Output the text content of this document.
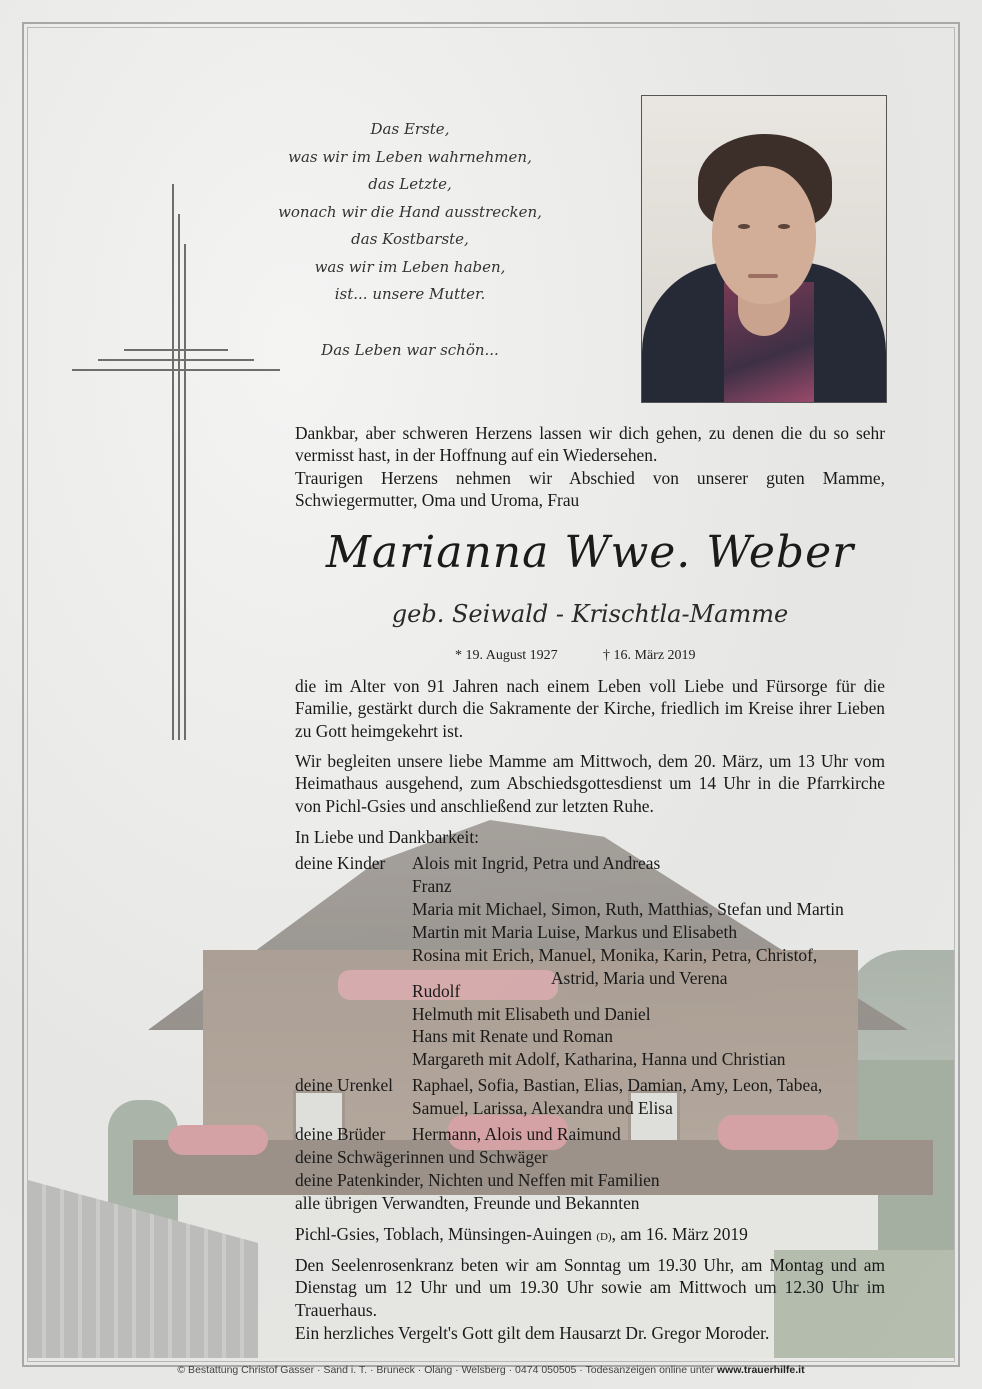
Das Erste,
was wir im Leben wahrnehmen,
das Letzte,
wonach wir die Hand ausstrecken,
das Kostbarste,
was wir im Leben haben,
ist... unsere Mutter.
Das Leben war schön...
Dankbar, aber schweren Herzens lassen wir dich gehen, zu denen die du so sehr vermisst hast, in der Hoffnung auf ein Wiedersehen.
Traurigen Herzens nehmen wir Abschied von unserer guten Mamme, Schwiegermutter, Oma und Uroma, Frau
Marianna Wwe. Weber
geb. Seiwald - Krischtla-Mamme
* 19. August 1927	† 16. März 2019
die im Alter von 91 Jahren nach einem Leben voll Liebe und Fürsorge für die Familie, gestärkt durch die Sakramente der Kirche, friedlich im Kreise ihrer Lieben zu Gott heimgekehrt ist.
Wir begleiten unsere liebe Mamme am Mittwoch, dem 20. März, um 13 Uhr vom Heimathaus ausgehend, zum Abschiedsgottesdienst um 14 Uhr in die Pfarrkirche von Pichl-Gsies und anschließend zur letzten Ruhe.
In Liebe und Dankbarkeit:
deine Kinder Alois mit Ingrid, Petra und Andreas
Franz
Maria mit Michael, Simon, Ruth, Matthias, Stefan und Martin
Martin mit Maria Luise, Markus und Elisabeth
Rosina mit Erich, Manuel, Monika, Karin, Petra, Christof,
Astrid, Maria und Verena
Rudolf
Helmuth mit Elisabeth und Daniel
Hans mit Renate und Roman
Margareth mit Adolf, Katharina, Hanna und Christian
deine Urenkel Raphael, Sofia, Bastian, Elias, Damian, Amy, Leon, Tabea,
Samuel, Larissa, Alexandra und Elisa
deine Brüder Hermann, Alois und Raimund
deine Schwägerinnen und Schwäger
deine Patenkinder, Nichten und Neffen mit Familien
alle übrigen Verwandten, Freunde und Bekannten
Pichl-Gsies, Toblach, Münsingen-Auingen (D), am 16. März 2019
Den Seelenrosenkranz beten wir am Sonntag um 19.30 Uhr, am Montag und am Dienstag um 12 Uhr und um 19.30 Uhr sowie am Mittwoch um 12.30 Uhr im Trauerhaus.
Ein herzliches Vergelt's Gott gilt dem Hausarzt Dr. Gregor Moroder.
© Bestattung Christof Gasser · Sand i. T. · Bruneck · Olang · Welsberg · 0474 050505 · Todesanzeigen online unter www.trauerhilfe.it
